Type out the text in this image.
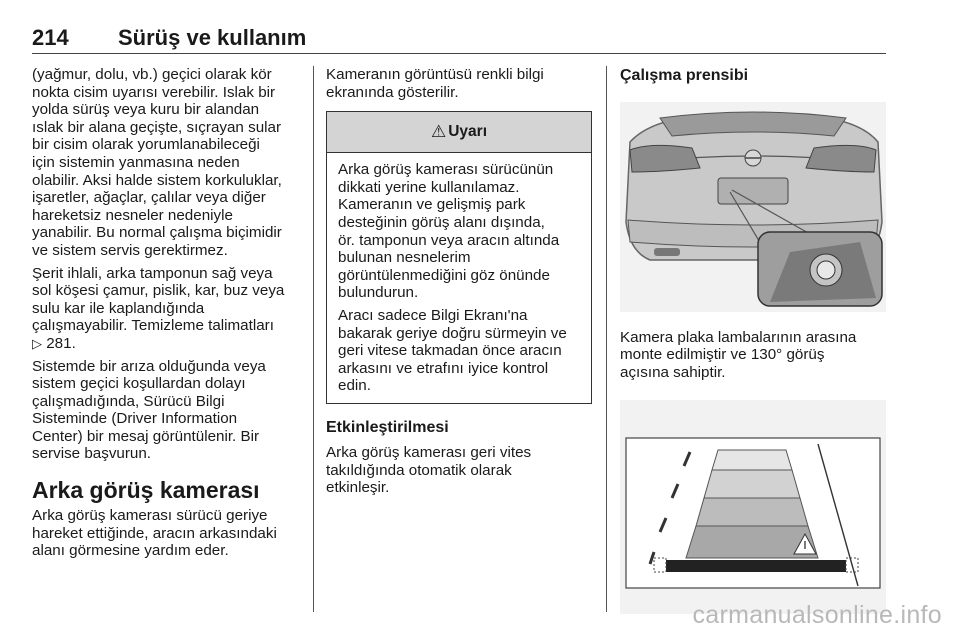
214 Sürüş ve kullanım

(yağmur, dolu, vb.) geçici olarak kör
nokta cisim uyarısı verebilir. Islak bir
yolda sürüş veya kuru bir alandan
ıslak bir alana geçişte, sıçrayan sular
bir cisim olarak yorumlanabileceği
için sistemin yanmasına neden
olabilir. Aksi halde sistem korkuluklar,
işaretler, ağaçlar, çalılar veya diğer
hareketsiz nesneler nedeniyle
yanabilir. Bu normal çalışma biçimidir
ve sistem servis gerektirmez.

Şerit ihlali, arka tamponun sağ veya
sol köşesi çamur, pislik, kar, buz veya
sulu kar ile kaplandığında
çalışmayabilir. Temizleme talimatları
▷ 281.

Sistemde bir arıza olduğunda veya
sistem geçici koşullardan dolayı
çalışmadığında, Sürücü Bilgi
Sisteminde (Driver Information
Center) bir mesaj görüntülenir. Bir
servise başvurun.

Arka görüş kamerası

Arka görüş kamerası sürücü geriye
hareket ettiğinde, aracın arkasındaki
alanı görmesine yardım eder.

Kameranın görüntüsü renkli bilgi
ekranında gösterilir.

⚠ Uyarı

Arka görüş kamerası sürücünün
dikkati yerine kullanılamaz.
Kameranın ve gelişmiş park
desteğinin görüş alanı dışında,
ör. tamponun veya aracın altında
bulunan nesnelerim
görüntülenmediğini göz önünde
bulundurun.

Aracı sadece Bilgi Ekranı'na
bakarak geriye doğru sürmeyin ve
geri vitese takmadan önce aracın
arkasını ve etrafını iyice kontrol
edin.

Etkinleştirilmesi

Arka görüş kamerası geri vites
takıldığında otomatik olarak
etkinleşir.

Çalışma prensibi

Kamera plaka lambalarının arasına
monte edilmiştir ve 130° görüş
açısına sahiptir.

carmanualsonline.info
